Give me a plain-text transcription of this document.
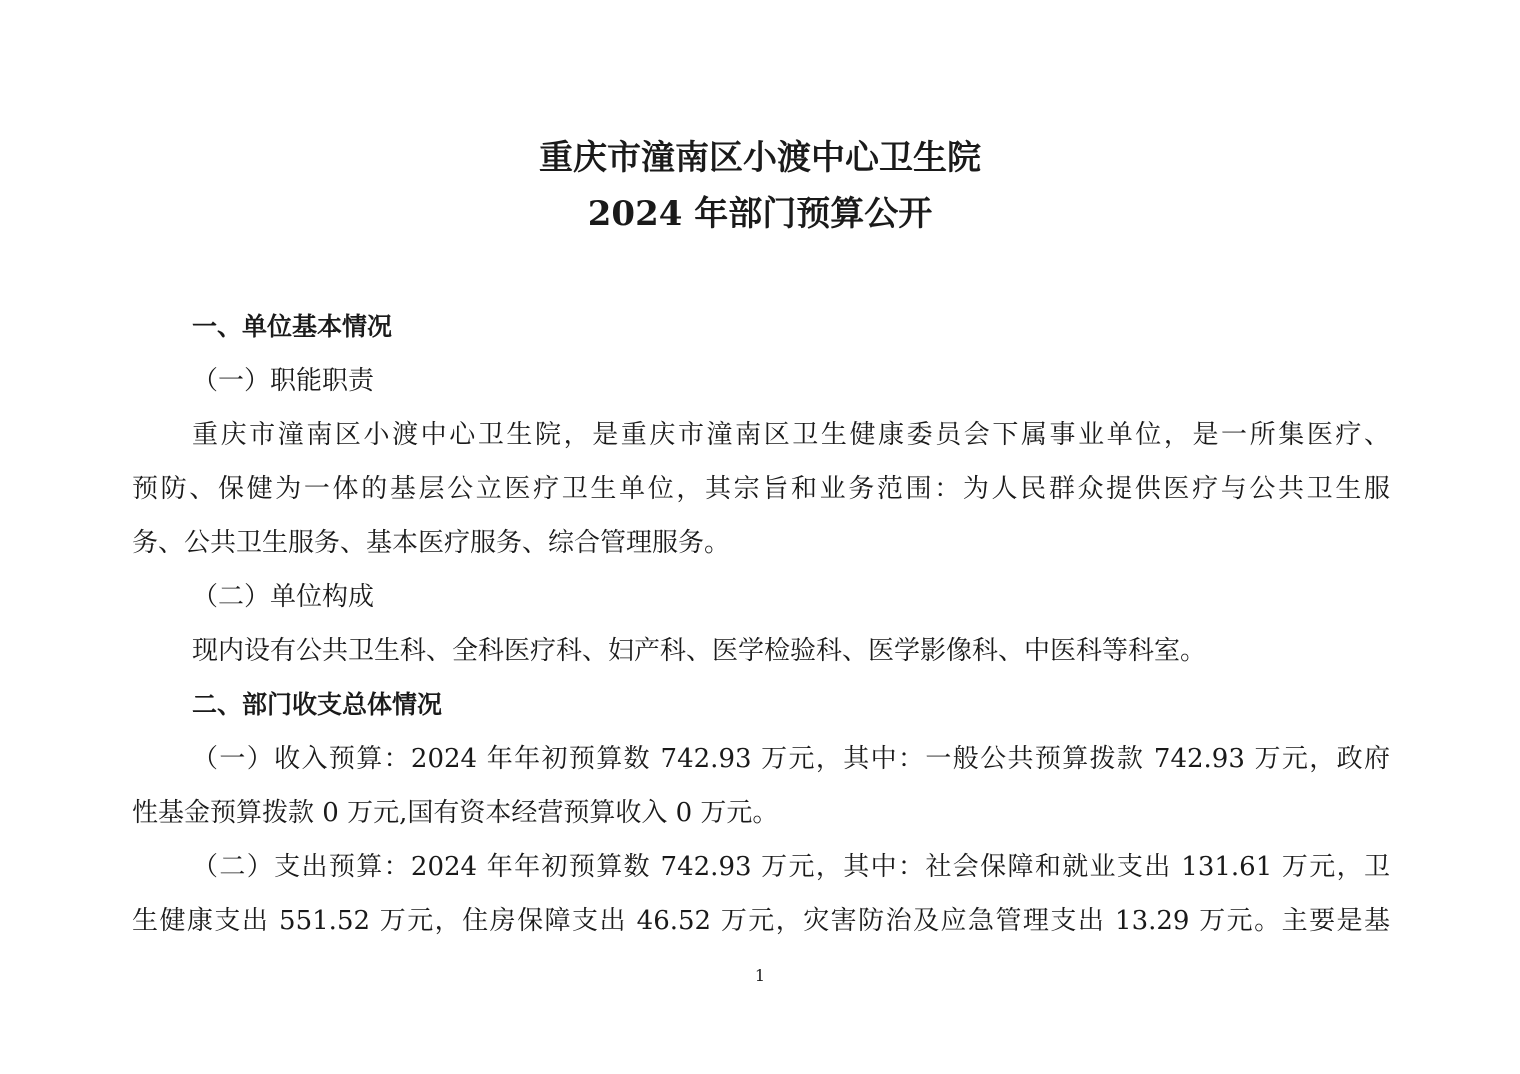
重庆市潼南区小渡中心卫生院
2024 年部门预算公开

一、单位基本情况

（一）职能职责

重庆市潼南区小渡中心卫生院，是重庆市潼南区卫生健康委员会下属事业单位，是一所集医疗、

预防、保健为一体的基层公立医疗卫生单位，其宗旨和业务范围：为人民群众提供医疗与公共卫生服

务、公共卫生服务、基本医疗服务、综合管理服务。

（二）单位构成

现内设有公共卫生科、全科医疗科、妇产科、医学检验科、医学影像科、中医科等科室。

二、部门收支总体情况

（一）收入预算：2024 年年初预算数 742.93 万元，其中：一般公共预算拨款 742.93 万元，政府

性基金预算拨款 0 万元,国有资本经营预算收入 0 万元。

（二）支出预算：2024 年年初预算数 742.93 万元，其中：社会保障和就业支出 131.61 万元，卫

生健康支出 551.52 万元，住房保障支出 46.52 万元，灾害防治及应急管理支出 13.29 万元。主要是基

1
